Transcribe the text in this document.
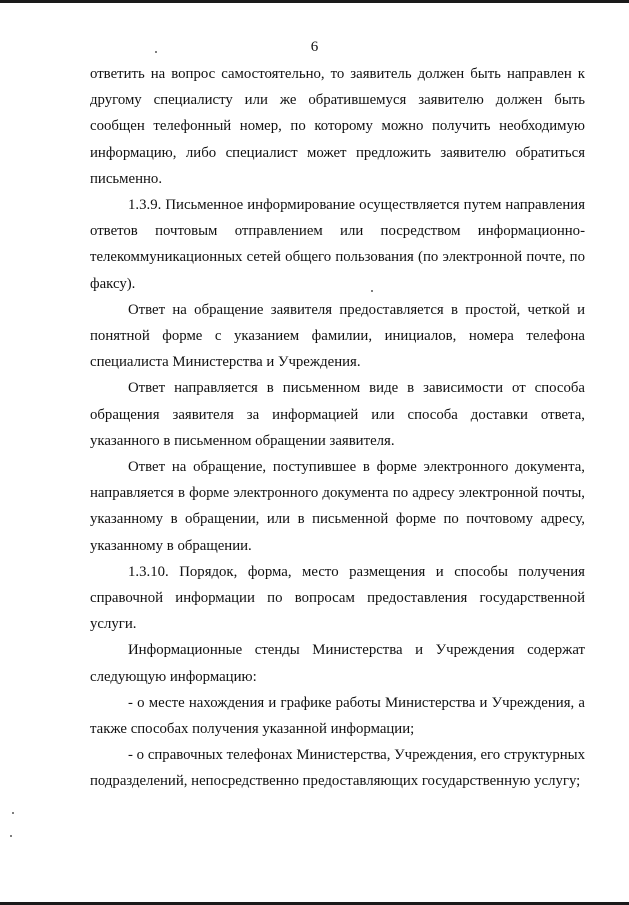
6

ответить на вопрос самостоятельно, то заявитель должен быть направлен к другому специалисту или же обратившемуся заявителю должен быть сообщен телефонный номер, по которому можно получить необходимую информацию, либо специалист может предложить заявителю обратиться письменно.

1.3.9. Письменное информирование осуществляется путем направления ответов почтовым отправлением или посредством информационно-телекоммуникационных сетей общего пользования (по электронной почте, по факсу).

Ответ на обращение заявителя предоставляется в простой, четкой и понятной форме с указанием фамилии, инициалов, номера телефона специалиста Министерства и Учреждения.

Ответ направляется в письменном виде в зависимости от способа обращения заявителя за информацией или способа доставки ответа, указанного в письменном обращении заявителя.

Ответ на обращение, поступившее в форме электронного документа, направляется в форме электронного документа по адресу электронной почты, указанному в обращении, или в письменной форме по почтовому адресу, указанному в обращении.

1.3.10. Порядок, форма, место размещения и способы получения справочной информации по вопросам предоставления государственной услуги.

Информационные стенды Министерства и Учреждения содержат следующую информацию:

- о месте нахождения и графике работы Министерства и Учреждения, а также способах получения указанной информации;

- о справочных телефонах Министерства, Учреждения, его структурных подразделений, непосредственно предоставляющих государственную услугу;
